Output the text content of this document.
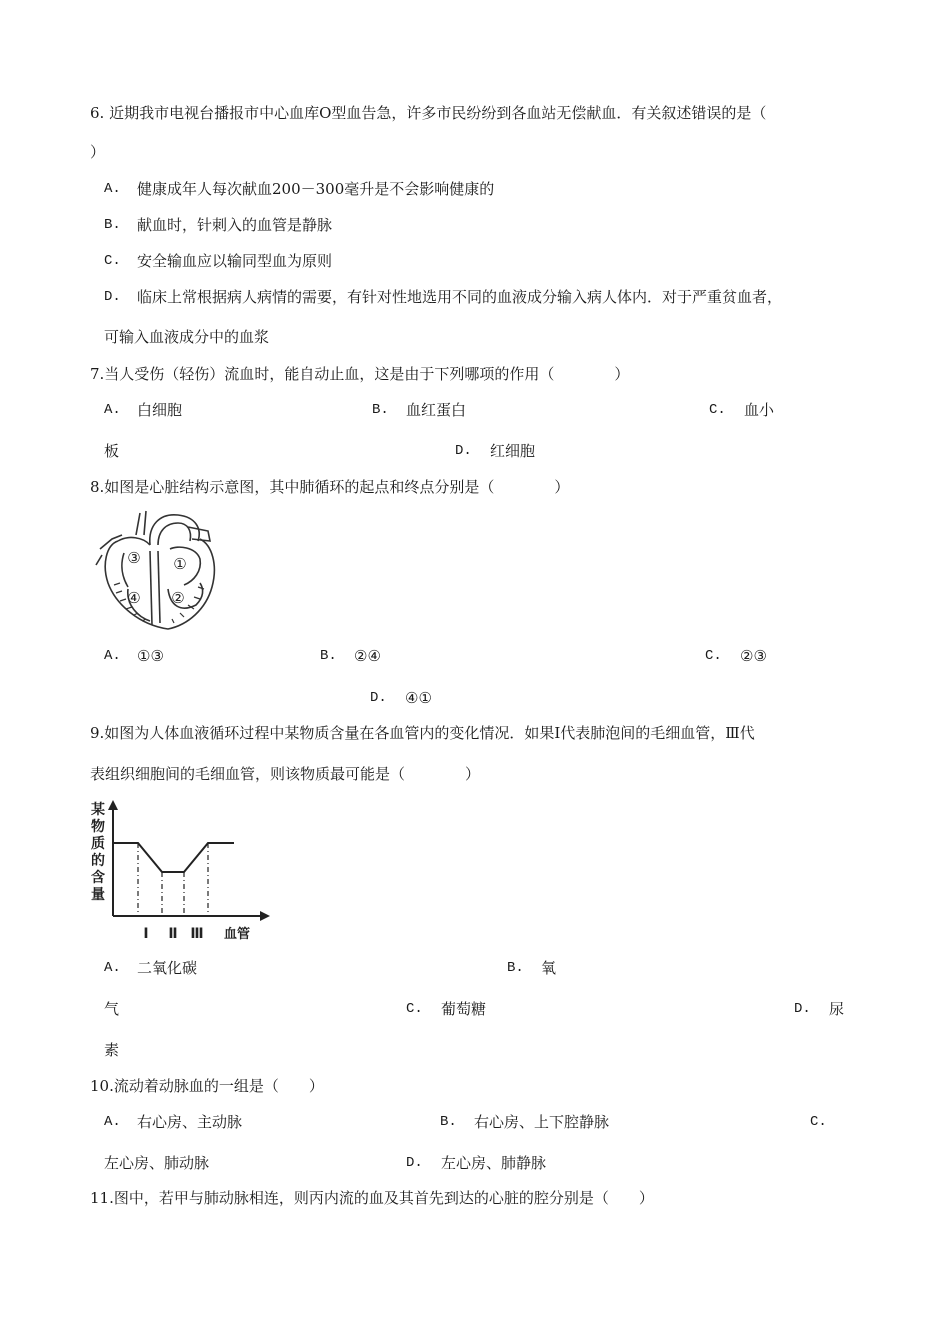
6. 近期我市电视台播报市中心血库O型血告急，许多市民纷纷到各血站无偿献血．有关叙述错误的是（
）
A. 健康成年人每次献血200－300毫升是不会影响健康的
B. 献血时，针刺入的血管是静脉
C. 安全输血应以输同型血为原则
D. 临床上常根据病人病情的需要，有针对性地选用不同的血液成分输入病人体内．对于严重贫血者，
可输入血液成分中的血浆
7.当人受伤（轻伤）流血时，能自动止血，这是由于下列哪项的作用（　　　　）
A. 白细胞	B. 血红蛋白	C. 血小
板	D. 红细胞
8.如图是心脏结构示意图，其中肺循环的起点和终点分别是（　　　　）
③ ①
④ ②
A. ①③	B. ②④	C. ②③
D. ④①
9.如图为人体血液循环过程中某物质含量在各血管内的变化情况．如果Ⅰ代表肺泡间的毛细血管，Ⅲ代
表组织细胞间的毛细血管，则该物质最可能是（　　　　）
某
物
质
的
含
量
Ⅰ Ⅱ Ⅲ 血管
A. 二氧化碳	B. 氧
气	C. 葡萄糖	D. 尿
素
10.流动着动脉血的一组是（　　）
A. 右心房、主动脉	B. 右心房、上下腔静脉	C.
左心房、肺动脉	D. 左心房、肺静脉
11.图中，若甲与肺动脉相连，则丙内流的血及其首先到达的心脏的腔分别是（　　）
